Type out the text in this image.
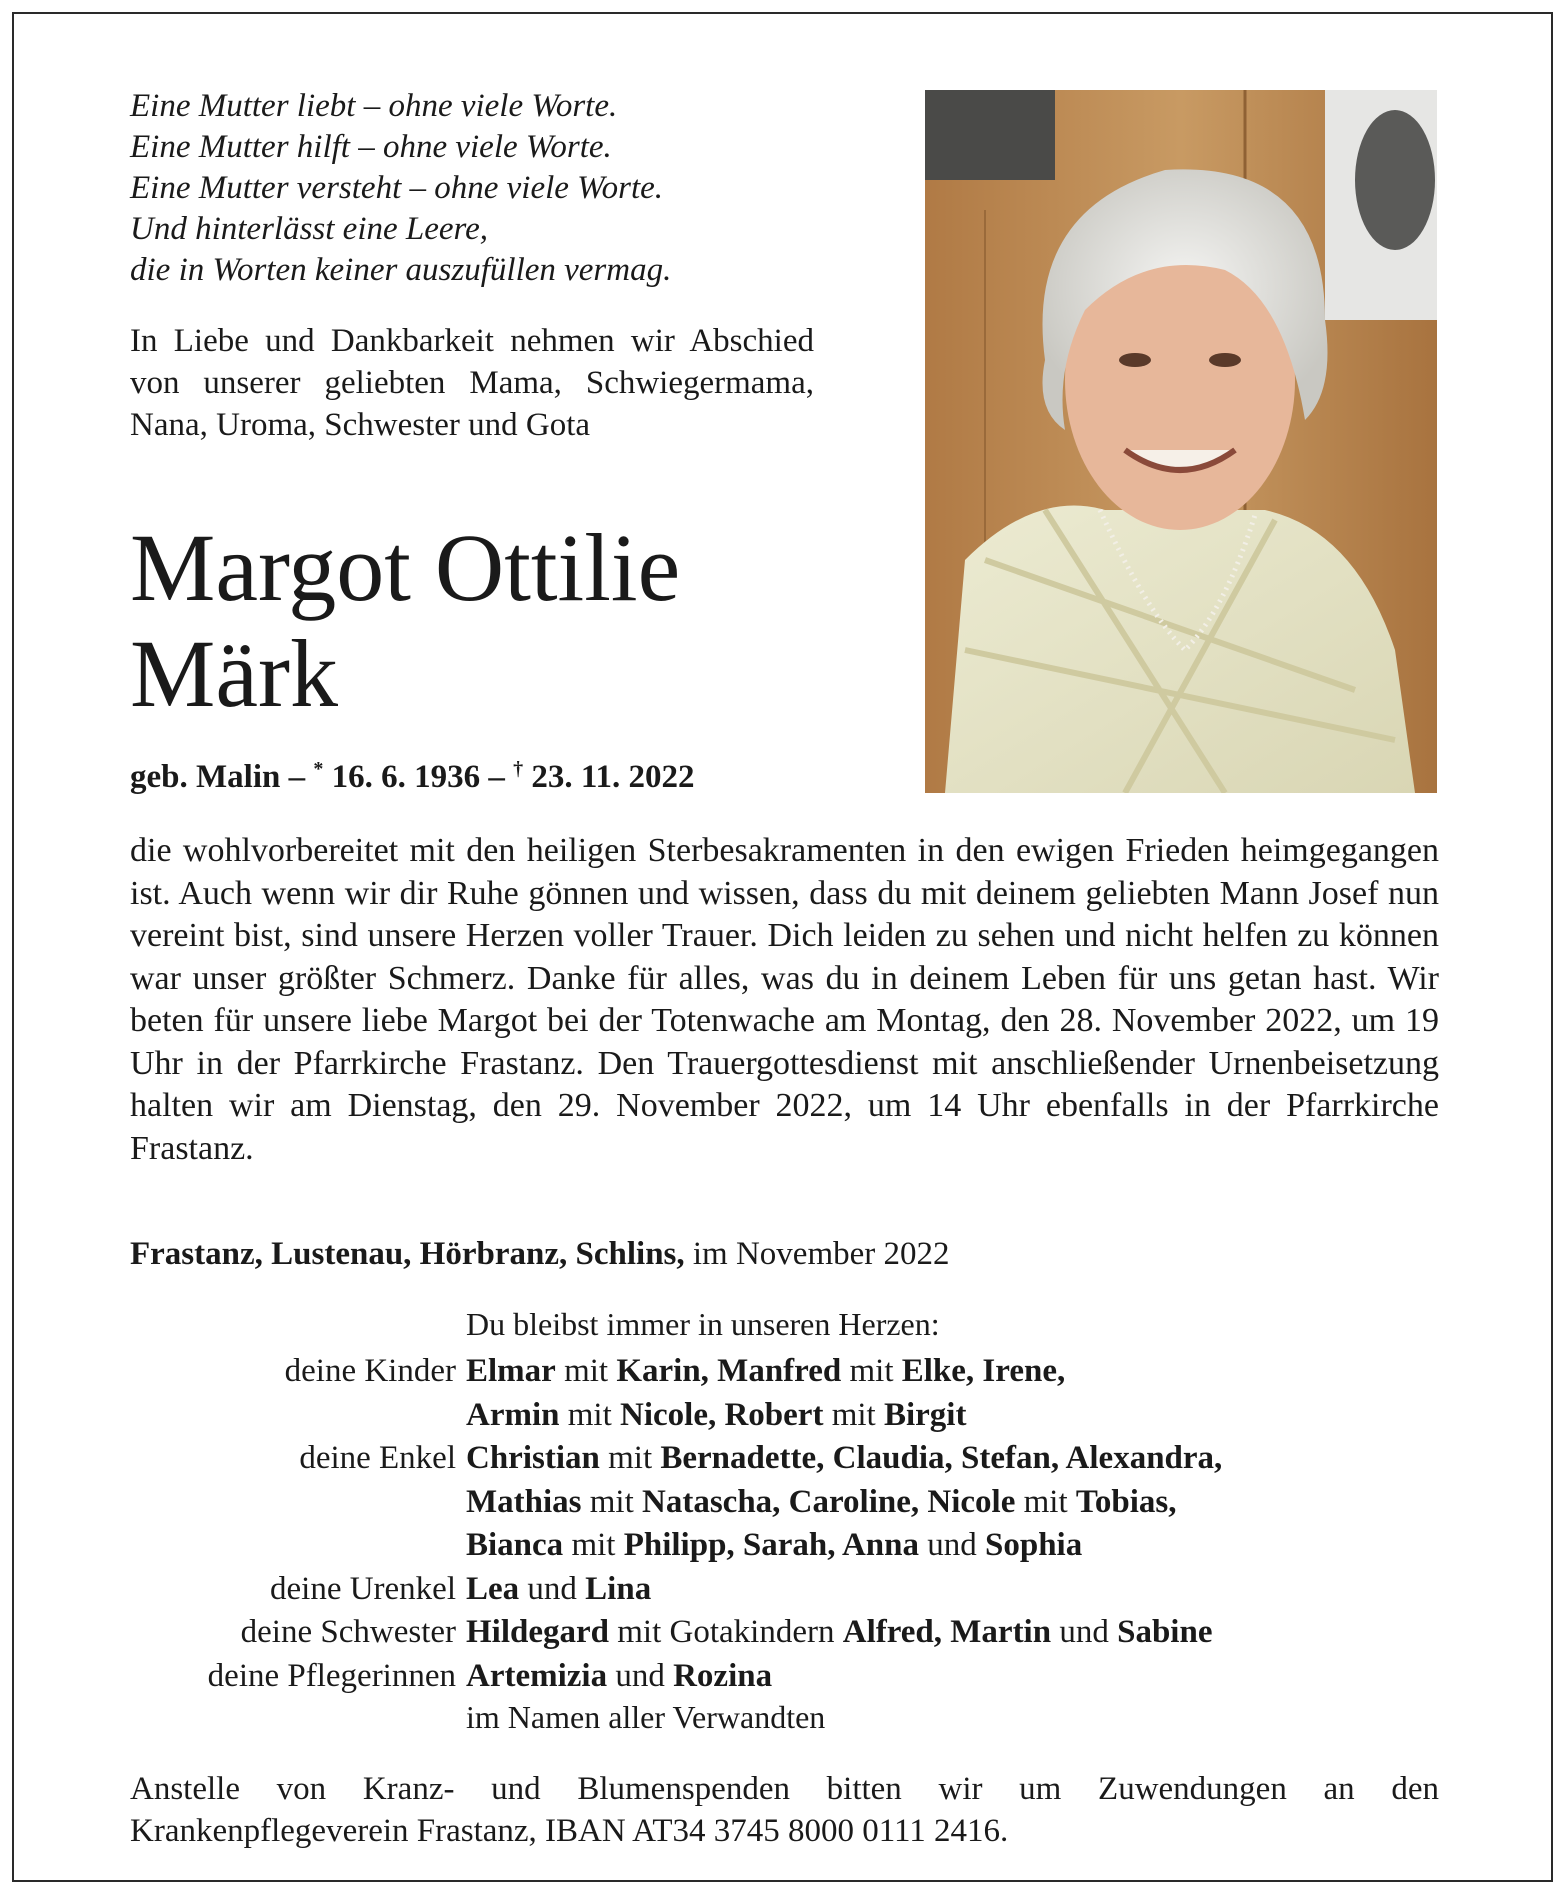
Eine Mutter liebt – ohne viele Worte.
Eine Mutter hilft – ohne viele Worte.
Eine Mutter versteht – ohne viele Worte.
Und hinterlässt eine Leere,
die in Worten keiner auszufüllen vermag.
In Liebe und Dankbarkeit nehmen wir Abschied von unserer geliebten Mama, Schwiegermama, Nana, Uroma, Schwester und Gota
Margot Ottilie
Märk
geb. Malin – * 16. 6. 1936 – † 23. 11. 2022
die wohlvorbereitet mit den heiligen Sterbesakramenten in den ewigen Frieden heimgegangen ist. Auch wenn wir dir Ruhe gönnen und wissen, dass du mit deinem geliebten Mann Josef nun vereint bist, sind unsere Herzen voller Trauer. Dich leiden zu sehen und nicht helfen zu können war unser größter Schmerz. Danke für alles, was du in deinem Leben für uns getan hast. Wir beten für unsere liebe Margot bei der Totenwache am Montag, den 28. November 2022, um 19 Uhr in der Pfarrkirche Frastanz. Den Trauergottesdienst mit anschließender Urnenbeisetzung halten wir am Dienstag, den 29. November 2022, um 14 Uhr ebenfalls in der Pfarrkirche Frastanz.
Frastanz, Lustenau, Hörbranz, Schlins, im November 2022
Du bleibst immer in unseren Herzen:
deine Kinder Elmar mit Karin, Manfred mit Elke, Irene,
Armin mit Nicole, Robert mit Birgit
deine Enkel Christian mit Bernadette, Claudia, Stefan, Alexandra,
Mathias mit Natascha, Caroline, Nicole mit Tobias,
Bianca mit Philipp, Sarah, Anna und Sophia
deine Urenkel Lea und Lina
deine Schwester Hildegard mit Gotakindern Alfred, Martin und Sabine
deine Pflegerinnen Artemizia und Rozina
im Namen aller Verwandten
Anstelle von Kranz- und Blumenspenden bitten wir um Zuwendungen an den Krankenpflegeverein Frastanz, IBAN AT34 3745 8000 0111 2416.
